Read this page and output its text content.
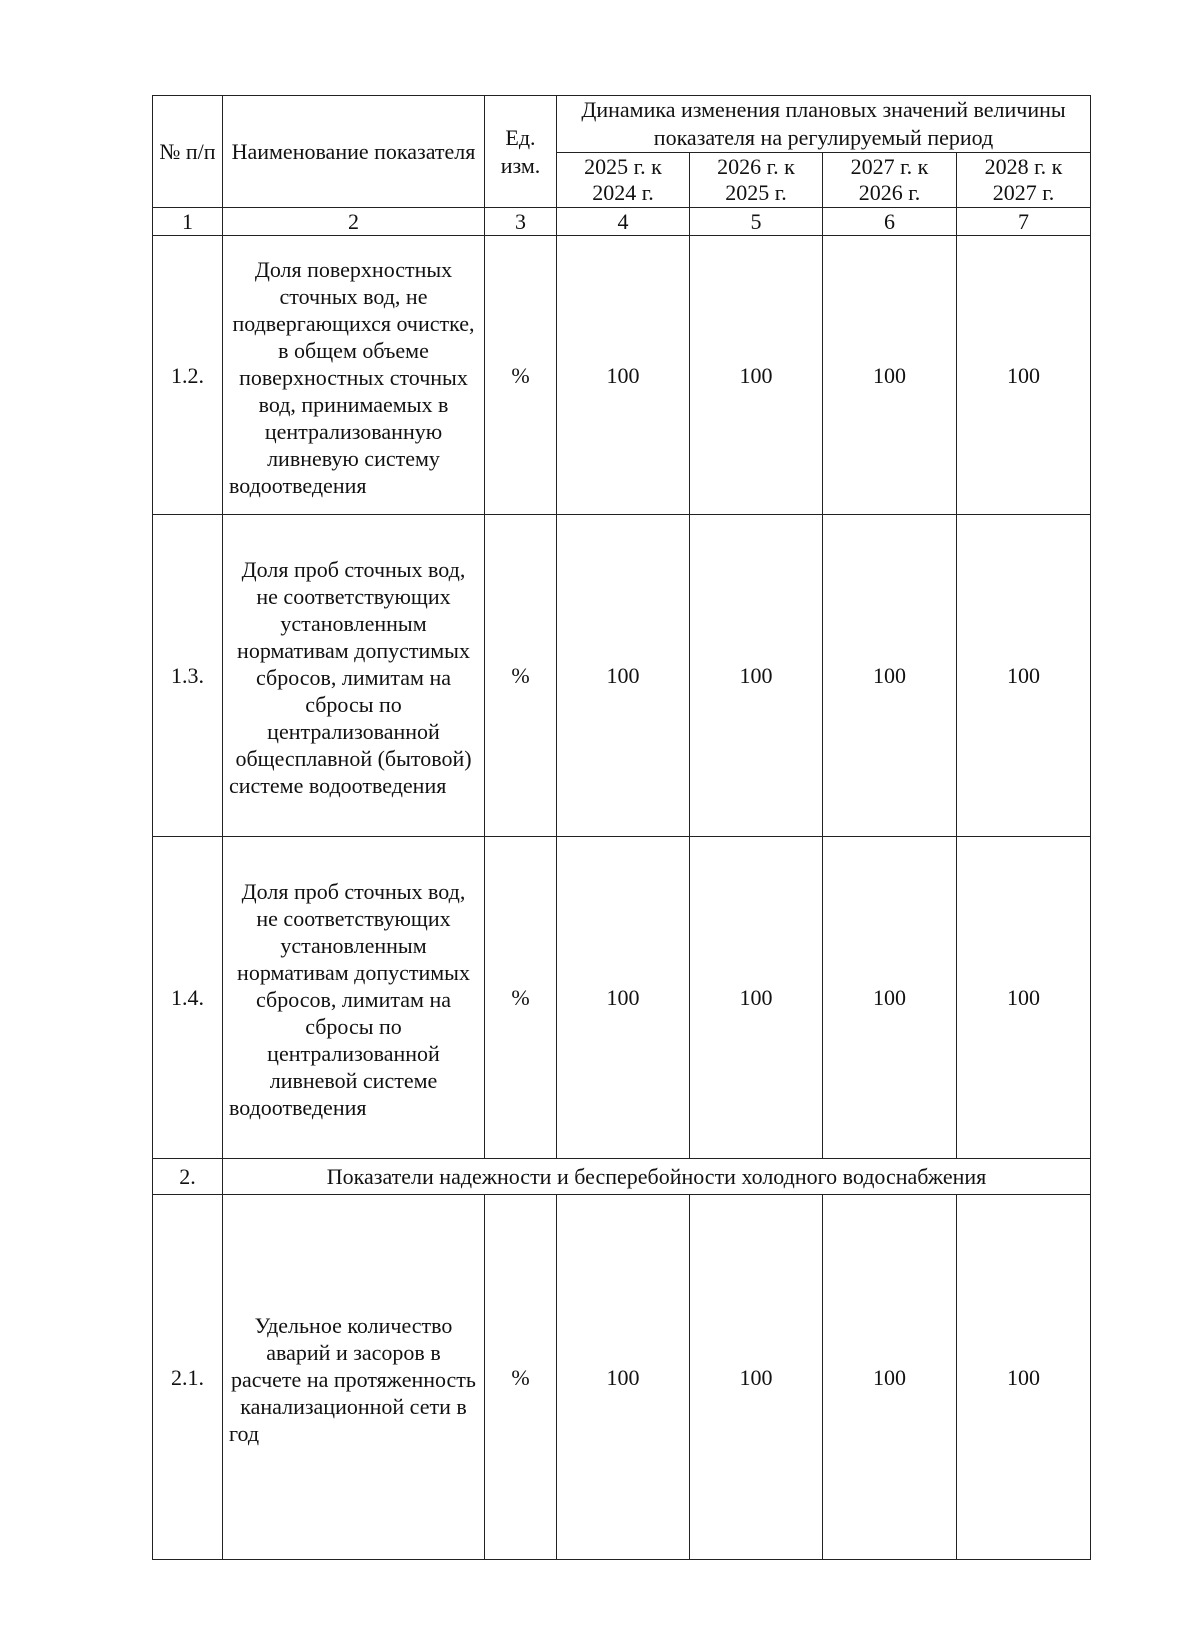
№ п/п	Наименование показателя	Ед. изм.	Динамика изменения плановых значений величины показателя на регулируемый период			
			2025 г. к 2024 г.	2026 г. к 2025 г.	2027 г. к 2026 г.	2028 г. к 2027 г.
1	2	3	4	5	6	7
1.2.	Доля поверхностных сточных вод, не подвергающихся очистке, в общем объеме поверхностных сточных вод, принимаемых в централизованную ливневую систему водоотведения	%	100	100	100	100
1.3.	Доля проб сточных вод, не соответствующих установленным нормативам допустимых сбросов, лимитам на сбросы по централизованной общесплавной (бытовой) системе водоотведения	%	100	100	100	100
1.4.	Доля проб сточных вод, не соответствующих установленным нормативам допустимых сбросов, лимитам на сбросы по централизованной ливневой системе водоотведения	%	100	100	100	100
2.	Показатели надежности и бесперебойности холодного водоснабжения					
2.1.	Удельное количество аварий и засоров в расчете на протяженность канализационной сети в год	%	100	100	100	100
